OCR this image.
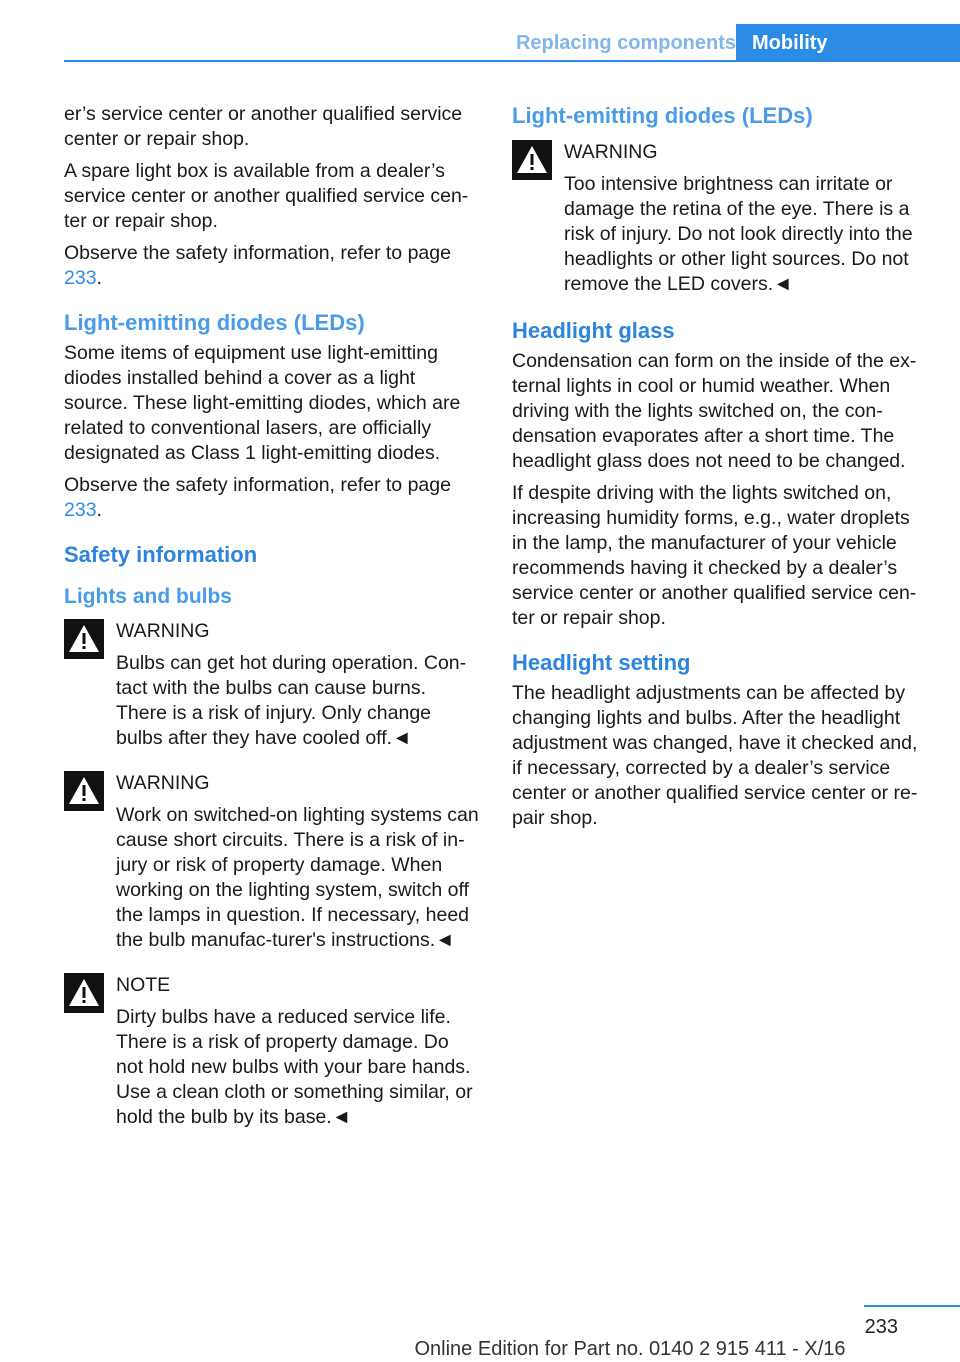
Replacing components Mobility

er’s service center or another qualified service center or repair shop.

A spare light box is available from a dealer’s service center or another qualified service cen‐ter or repair shop.

Observe the safety information, refer to page 233.

Light-emitting diodes (LEDs)

Some items of equipment use light-emitting diodes installed behind a cover as a light source. These light-emitting diodes, which are related to conventional lasers, are officially designated as Class 1 light-emitting diodes.

Observe the safety information, refer to page 233.

Safety information
Lights and bulbs
WARNING
Bulbs can get hot during operation. Con‐tact with the bulbs can cause burns. There is a risk of injury. Only change bulbs after they have cooled off.◄
WARNING
Work on switched-on lighting systems can cause short circuits. There is a risk of in‐jury or risk of property damage. When working on the lighting system, switch off the lamps in question. If necessary, heed the bulb manufac‐turer's instructions.◄
NOTE
Dirty bulbs have a reduced service life. There is a risk of property damage. Do not hold new bulbs with your bare hands. Use a clean cloth or something similar, or hold the bulb by its base.◄
Light-emitting diodes (LEDs)
WARNING
Too intensive brightness can irritate or damage the retina of the eye. There is a risk of injury. Do not look directly into the headlights or other light sources. Do not remove the LED covers.◄
Headlight glass

Condensation can form on the inside of the ex‐ternal lights in cool or humid weather. When driving with the lights switched on, the con‐densation evaporates after a short time. The headlight glass does not need to be changed.

If despite driving with the lights switched on, increasing humidity forms, e.g., water droplets in the lamp, the manufacturer of your vehicle recommends having it checked by a dealer’s service center or another qualified service cen‐ter or repair shop.

Headlight setting

The headlight adjustments can be affected by changing lights and bulbs. After the headlight adjustment was changed, have it checked and, if necessary, corrected by a dealer’s service center or another qualified service center or re‐pair shop.

233
Online Edition for Part no. 0140 2 915 411 - X/16
